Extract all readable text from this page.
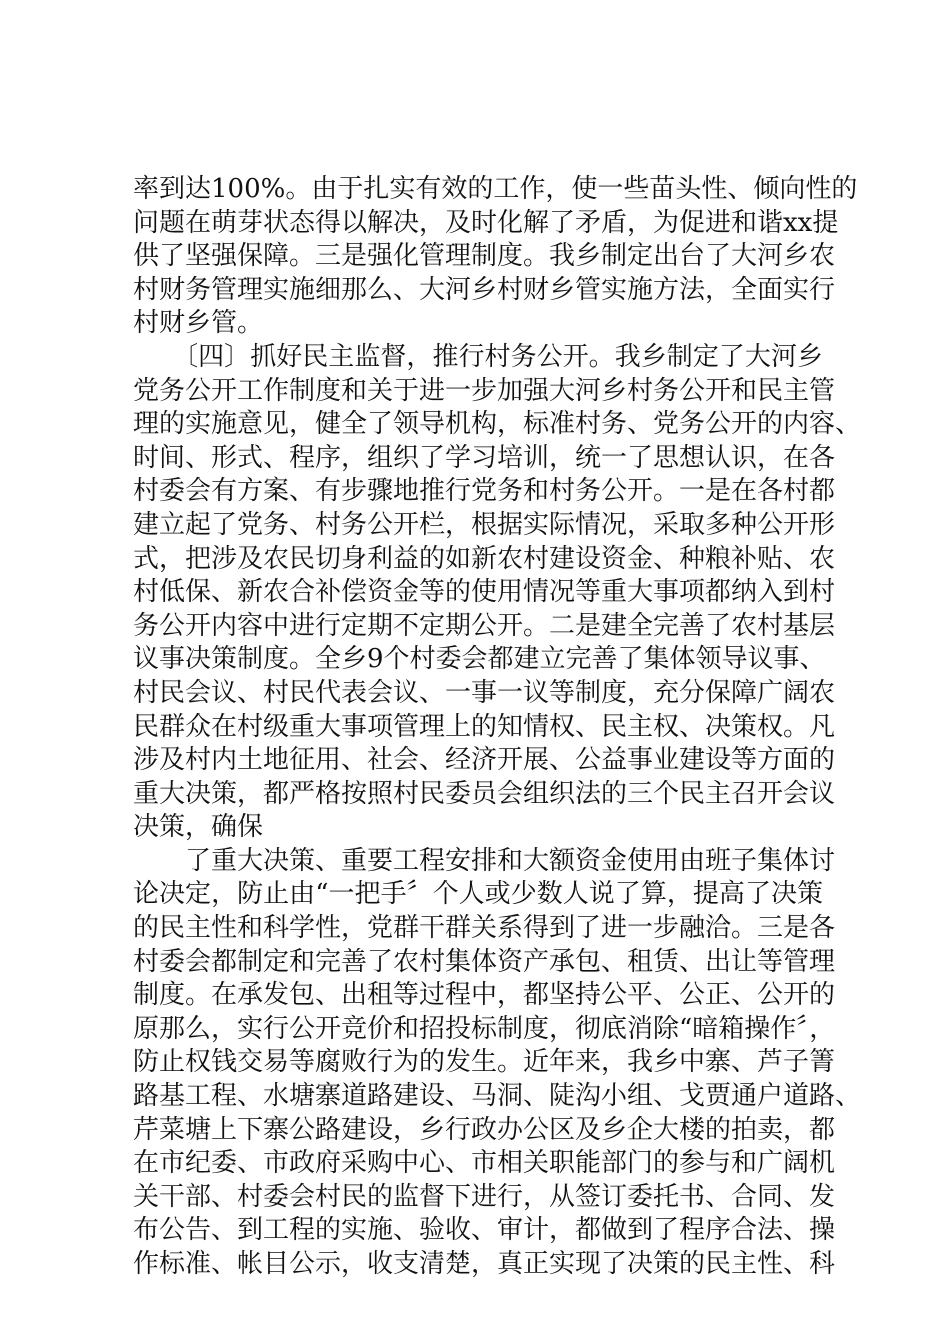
率到达100%。由于扎实有效的工作，使一些苗头性、倾向性的
问题在萌芽状态得以解决，及时化解了矛盾，为促进和谐xx提
供了坚强保障。三是强化管理制度。我乡制定出台了大河乡农
村财务管理实施细那么、大河乡村财乡管实施方法，全面实行
村财乡管。
　　〔四〕抓好民主监督，推行村务公开。我乡制定了大河乡
党务公开工作制度和关于进一步加强大河乡村务公开和民主管
理的实施意见，健全了领导机构，标准村务、党务公开的内容、
时间、形式、程序，组织了学习培训，统一了思想认识，在各
村委会有方案、有步骤地推行党务和村务公开。一是在各村都
建立起了党务、村务公开栏，根据实际情况，采取多种公开形
式，把涉及农民切身利益的如新农村建设资金、种粮补贴、农
村低保、新农合补偿资金等的使用情况等重大事项都纳入到村
务公开内容中进行定期不定期公开。二是建全完善了农村基层
议事决策制度。全乡9个村委会都建立完善了集体领导议事、
村民会议、村民代表会议、一事一议等制度，充分保障广阔农
民群众在村级重大事项管理上的知情权、民主权、决策权。凡
涉及村内土地征用、社会、经济开展、公益事业建设等方面的
重大决策，都严格按照村民委员会组织法的三个民主召开会议
决策，确保
　　了重大决策、重要工程安排和大额资金使用由班子集体讨
论决定，防止由“一把手〞个人或少数人说了算，提高了决策
的民主性和科学性，党群干群关系得到了进一步融洽。三是各
村委会都制定和完善了农村集体资产承包、租赁、出让等管理
制度。在承发包、出租等过程中，都坚持公平、公正、公开的
原那么，实行公开竞价和招投标制度，彻底消除“暗箱操作〞，
防止权钱交易等腐败行为的发生。近年来，我乡中寨、芦子箐
路基工程、水塘寨道路建设、马洞、陡沟小组、戈贾通户道路、
芹菜塘上下寨公路建设，乡行政办公区及乡企大楼的拍卖，都
在市纪委、市政府采购中心、市相关职能部门的参与和广阔机
关干部、村委会村民的监督下进行，从签订委托书、合同、发
布公告、到工程的实施、验收、审计，都做到了程序合法、操
作标准、帐目公示，收支清楚，真正实现了决策的民主性、科
